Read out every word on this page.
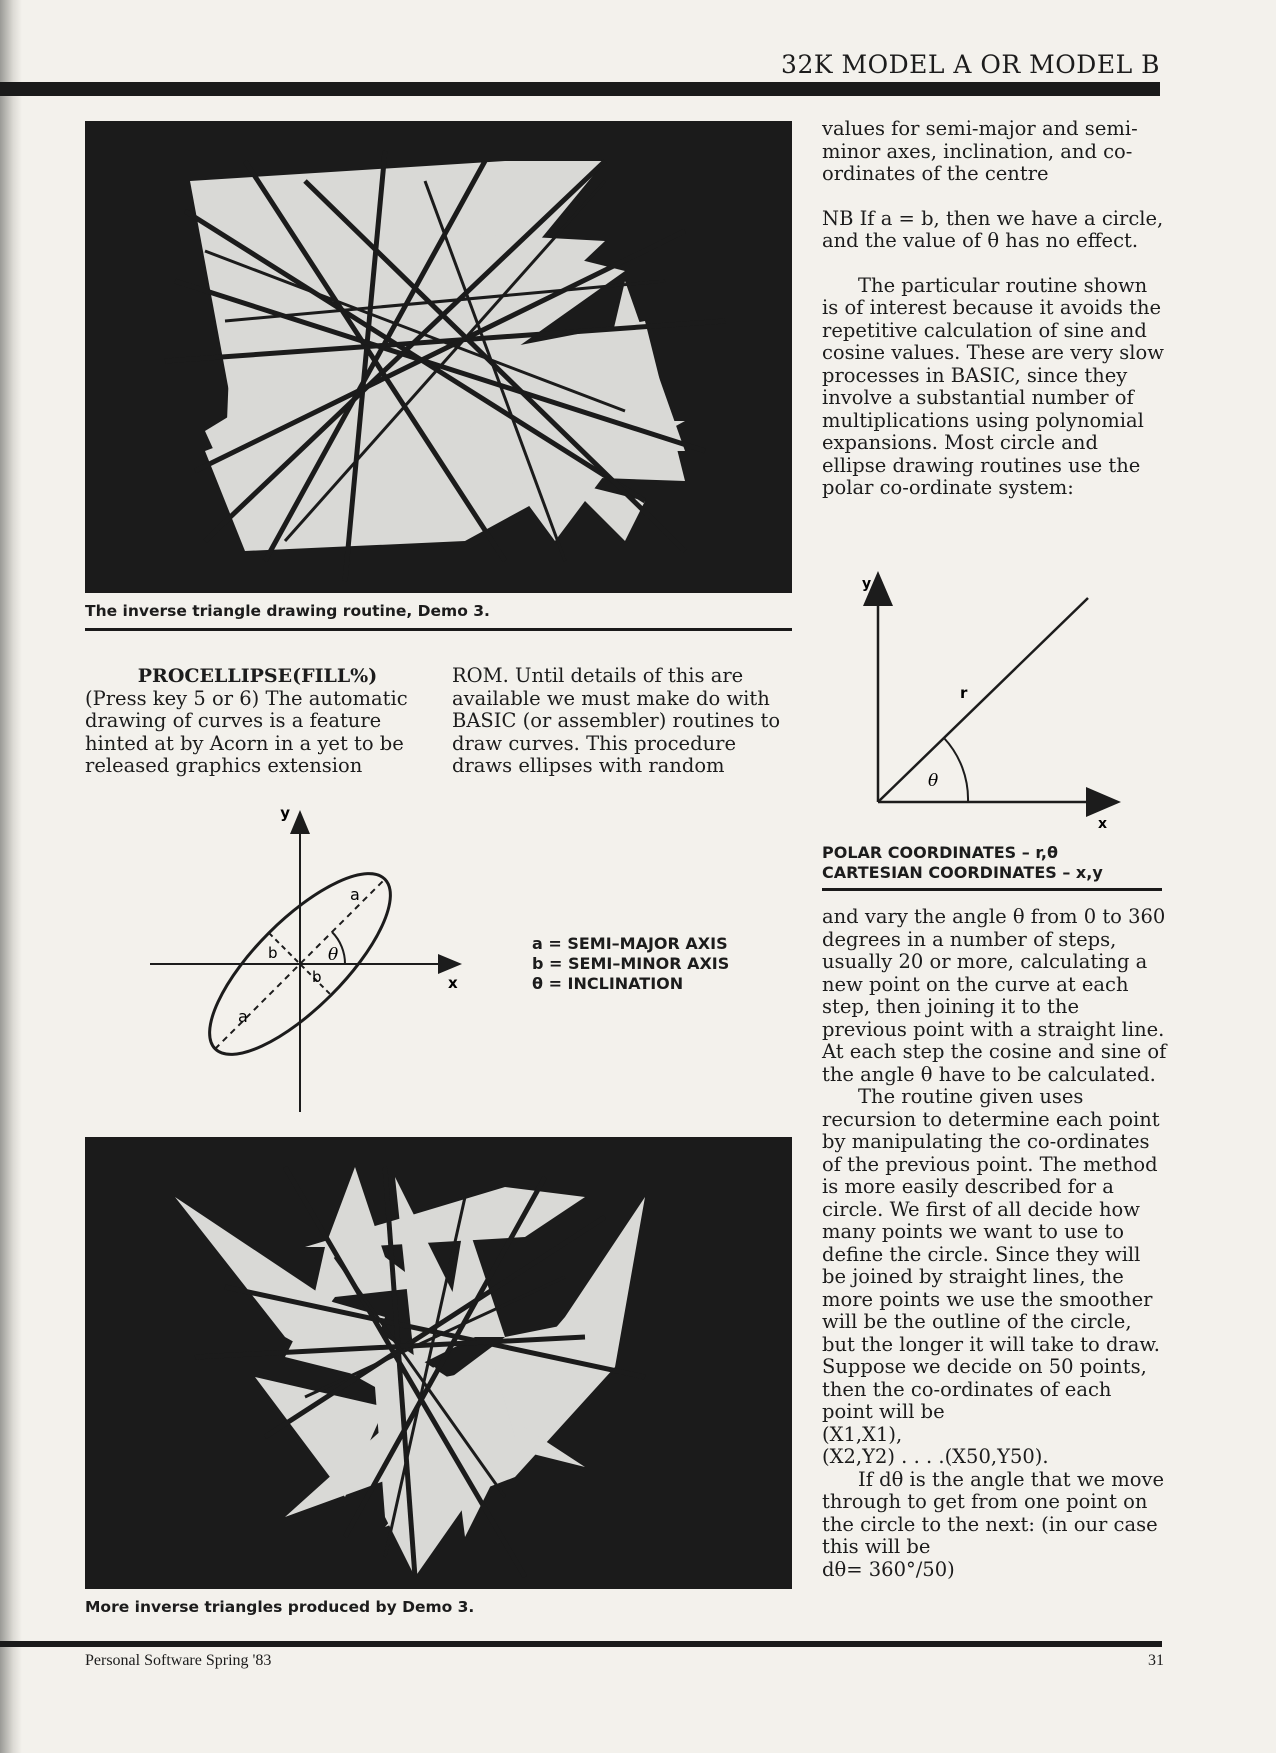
32K MODEL A OR MODEL B
The inverse triangle drawing routine, Demo 3.
PROCELLIPSE(FILL%)

(Press key 5 or 6) The automatic drawing of curves is a feature hinted at by Acorn in a yet to be released graphics extension

ROM. Until details of this are available we must make do with BASIC (or assembler) routines to draw curves. This procedure draws ellipses with random

y
x
a
a
b
b
θ
a = SEMI–MAJOR AXIS
b = SEMI–MINOR AXIS
θ = INCLINATION
More inverse triangles produced by Demo 3.

values for semi-major and semi-minor axes, inclination, and co-ordinates of the centre

NB If a = b, then we have a circle, and the value of θ has no effect.

The particular routine shown is of interest because it avoids the repetitive calculation of sine and cosine values. These are very slow processes in BASIC, since they involve a substantial number of multiplications using polynomial expansions. Most circle and ellipse drawing routines use the polar co-ordinate system:

y
x
r
θ
POLAR COORDINATES – r,θ
CARTESIAN COORDINATES – x,y

and vary the angle θ from 0 to 360 degrees in a number of steps, usually 20 or more, calculating a new point on the curve at each step, then joining it to the previous point with a straight line. At each step the cosine and sine of the angle θ have to be calculated.

The routine given uses recursion to determine each point by manipulating the co-ordinates of the previous point. The method is more easily described for a circle. We first of all decide how many points we want to use to define the circle. Since they will be joined by straight lines, the more points we use the smoother will be the outline of the circle, but the longer it will take to draw. Suppose we decide on 50 points, then the co-ordinates of each point will be

(X1,X1),

(X2,Y2) . . . .(X50,Y50).

If dθ is the angle that we move through to get from one point on the circle to the next: (in our case this will be

dθ= 360°/50)

Personal Software Spring '83	31
